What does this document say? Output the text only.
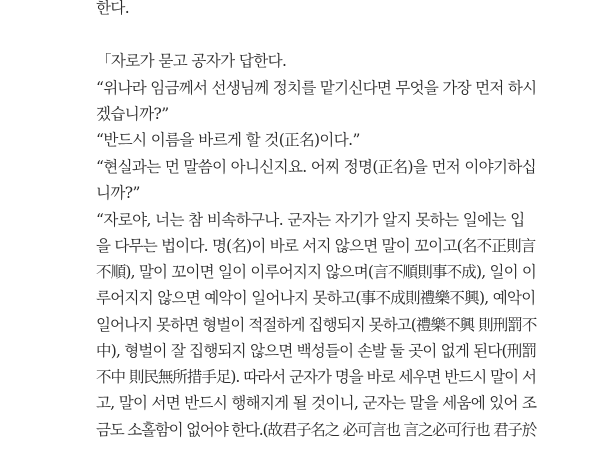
한다.
「자로가 묻고 공자가 답한다.
“위나라 임금께서 선생님께 정치를 맡기신다면 무엇을 가장 먼저 하시
겠습니까?”
“반드시 이름을 바르게 할 것(正名)이다.”
“현실과는 먼 말씀이 아니신지요. 어찌 정명(正名)을 먼저 이야기하십
니까?”
“자로야, 너는 참 비속하구나. 군자는 자기가 알지 못하는 일에는 입
을 다무는 법이다. 명(名)이 바로 서지 않으면 말이 꼬이고(名不正則言
不順), 말이 꼬이면 일이 이루어지지 않으며(言不順則事不成), 일이 이
루어지지 않으면 예악이 일어나지 못하고(事不成則禮樂不興), 예악이
일어나지 못하면 형벌이 적절하게 집행되지 못하고(禮樂不興 則刑罰不
中), 형벌이 잘 집행되지 않으면 백성들이 손발 둘 곳이 없게 된다(刑罰
不中 則民無所措手足). 따라서 군자가 명을 바로 세우면 반드시 말이 서
고, 말이 서면 반드시 행해지게 될 것이니, 군자는 말을 세움에 있어 조
금도 소홀함이 없어야 한다.(故君子名之 必可言也 言之必可行也 君子於
